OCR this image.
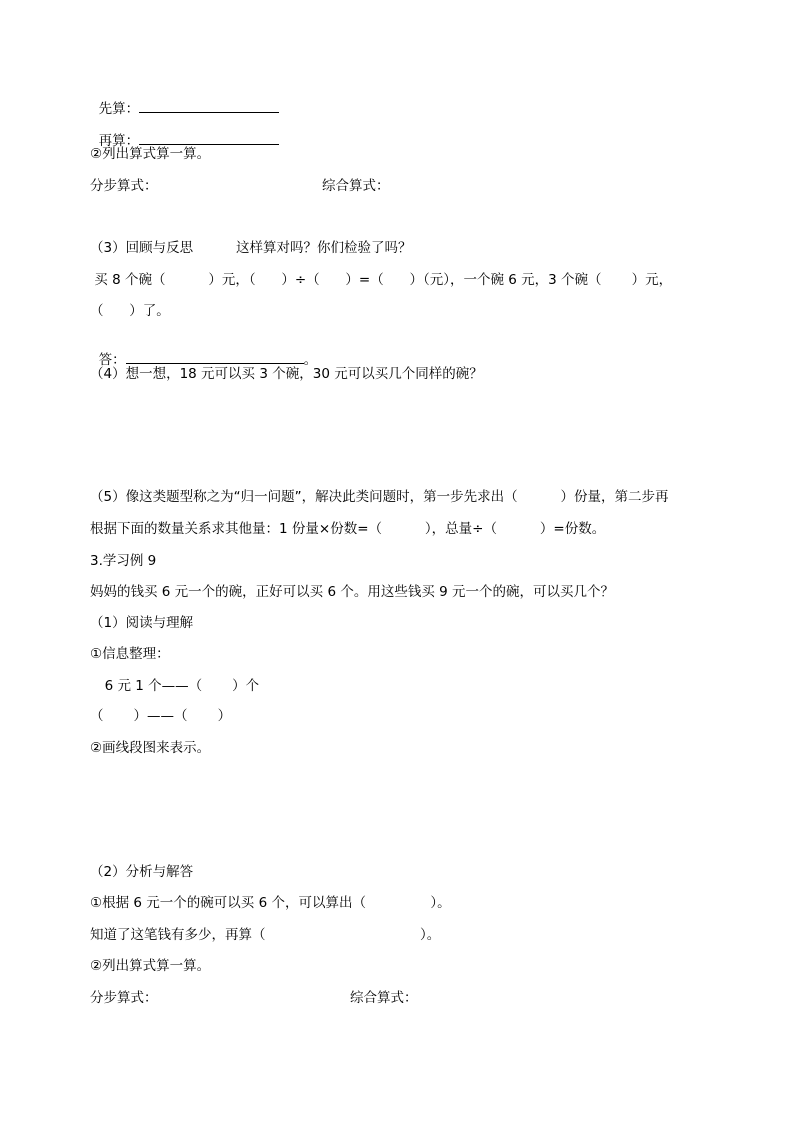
先算：

再算：

②列出算式算一算。
分步算式：	综合算式：
（3）回顾与反思          这样算对吗？你们检验了吗？
买 8 个碗（          ）元，（      ）÷（      ）=（      ）（元），一个碗 6 元，3 个碗（       ）元，
（      ）了。

答：	。

（4）想一想，18 元可以买 3 个碗，30 元可以买几个同样的碗？
（5）像这类题型称之为“归一问题”，解决此类问题时，第一步先求出（          ）份量，第二步再
根据下面的数量关系求其他量：1 份量×份数=（          ），总量÷（          ）=份数。
3.学习例 9
妈妈的钱买 6 元一个的碗，正好可以买 6 个。用这些钱买 9 元一个的碗，可以买几个？
（1）阅读与理解
①信息整理：
6 元 1 个——（       ）个
（       ）——（       ）
②画线段图来表示。
（2）分析与解答
①根据 6 元一个的碗可以买 6 个，可以算出（               ）。
知道了这笔钱有多少，再算（                                    ）。
②列出算式算一算。
分步算式：	综合算式：
